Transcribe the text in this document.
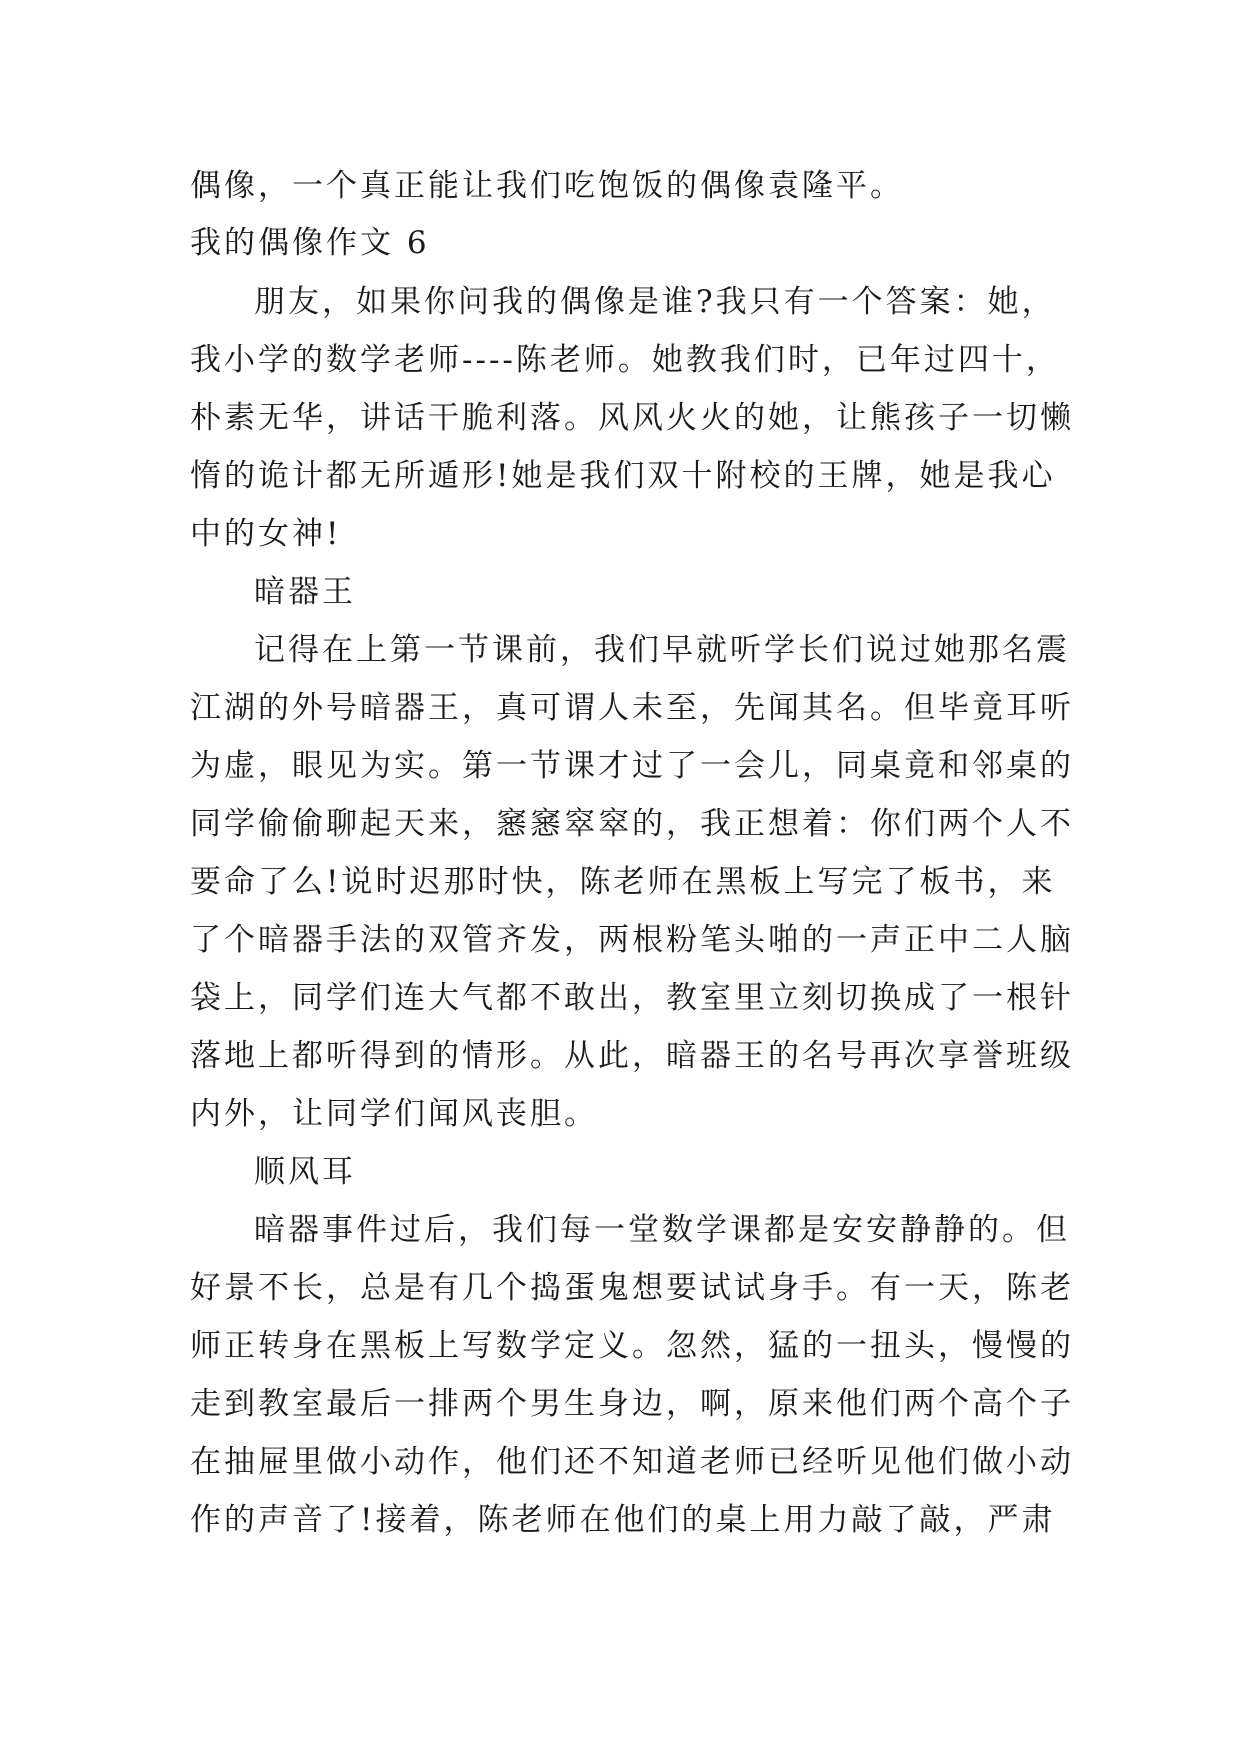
偶像，一个真正能让我们吃饱饭的偶像袁隆平。
我的偶像作文 6
朋友，如果你问我的偶像是谁?我只有一个答案：她，
我小学的数学老师----陈老师。她教我们时，已年过四十，
朴素无华，讲话干脆利落。风风火火的她，让熊孩子一切懒
惰的诡计都无所遁形!她是我们双十附校的王牌，她是我心
中的女神!
暗器王
记得在上第一节课前，我们早就听学长们说过她那名震
江湖的外号暗器王，真可谓人未至，先闻其名。但毕竟耳听
为虚，眼见为实。第一节课才过了一会儿，同桌竟和邻桌的
同学偷偷聊起天来，窸窸窣窣的，我正想着：你们两个人不
要命了么!说时迟那时快，陈老师在黑板上写完了板书，来
了个暗器手法的双管齐发，两根粉笔头啪的一声正中二人脑
袋上，同学们连大气都不敢出，教室里立刻切换成了一根针
落地上都听得到的情形。从此，暗器王的名号再次享誉班级
内外，让同学们闻风丧胆。
顺风耳
暗器事件过后，我们每一堂数学课都是安安静静的。但
好景不长，总是有几个捣蛋鬼想要试试身手。有一天，陈老
师正转身在黑板上写数学定义。忽然，猛的一扭头，慢慢的
走到教室最后一排两个男生身边，啊，原来他们两个高个子
在抽屉里做小动作，他们还不知道老师已经听见他们做小动
作的声音了!接着，陈老师在他们的桌上用力敲了敲，严肃
